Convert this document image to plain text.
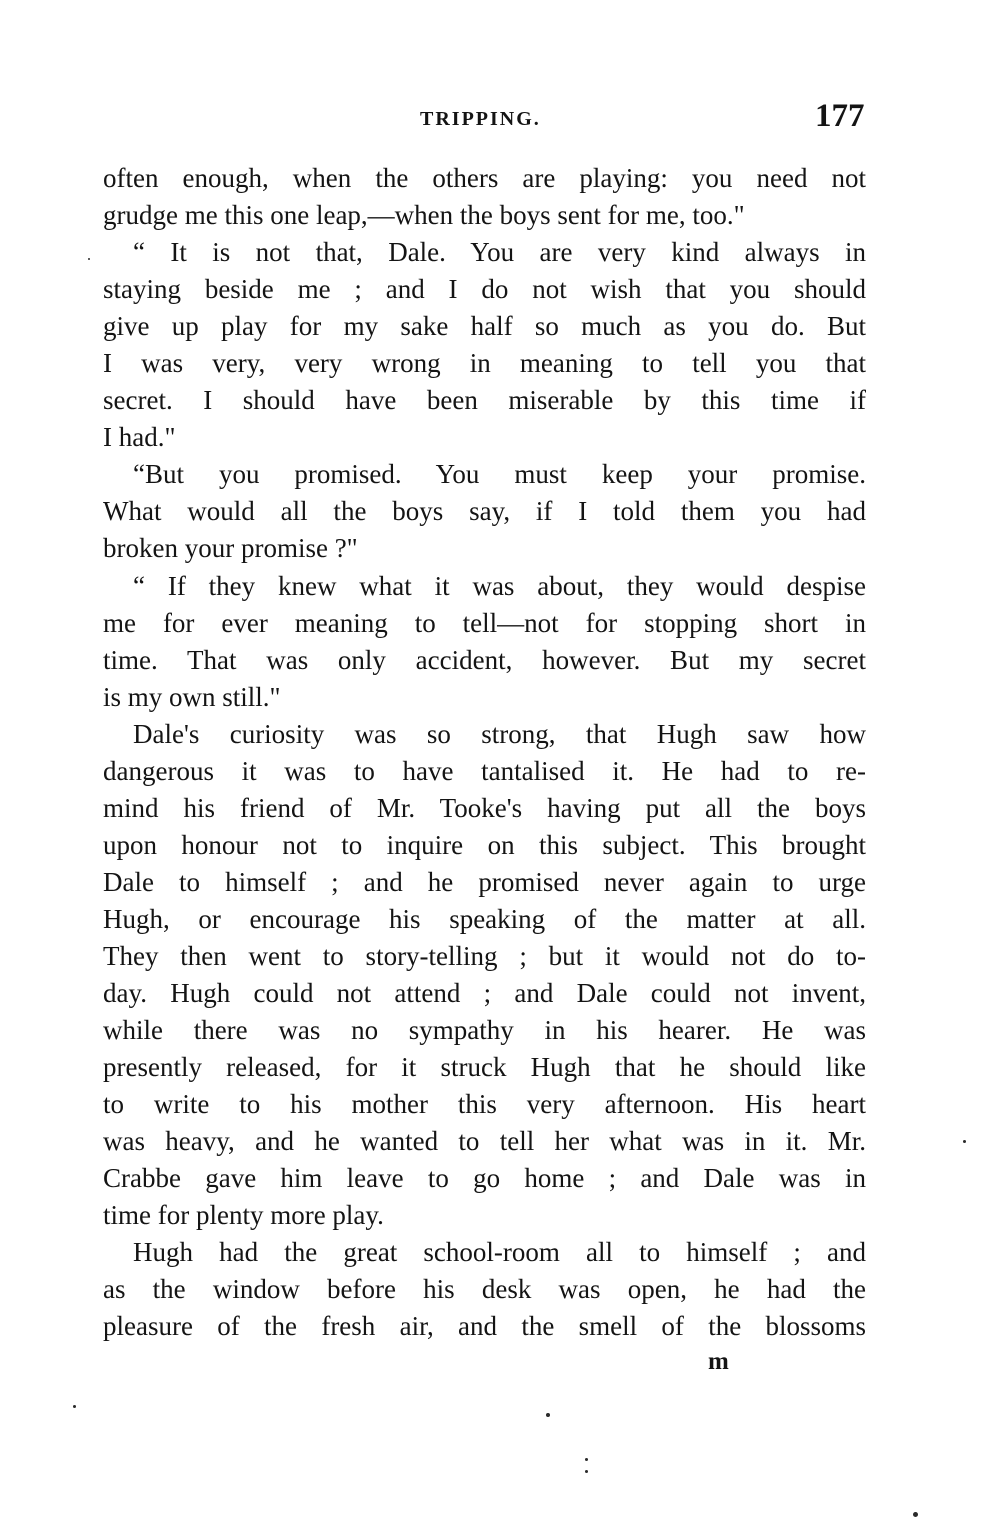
TRIPPING.	177
often enough, when the others are playing: you need not
grudge me this one leap,—when the boys sent for me, too."
“ It is not that, Dale. You are very kind always in
staying beside me ; and I do not wish that you should
give up play for my sake half so much as you do. But
I was very, very wrong in meaning to tell you that
secret. I should have been miserable by this time if
I had."
“But you promised. You must keep your promise.
What would all the boys say, if I told them you had
broken your promise ?"
“ If they knew what it was about, they would despise
me for ever meaning to tell—not for stopping short in
time. That was only accident, however. But my secret
is my own still."
Dale's curiosity was so strong, that Hugh saw how
dangerous it was to have tantalised it. He had to re-
mind his friend of Mr. Tooke's having put all the boys
upon honour not to inquire on this subject. This brought
Dale to himself ; and he promised never again to urge
Hugh, or encourage his speaking of the matter at all.
They then went to story-telling ; but it would not do to-
day. Hugh could not attend ; and Dale could not invent,
while there was no sympathy in his hearer. He was
presently released, for it struck Hugh that he should like
to write to his mother this very afternoon. His heart
was heavy, and he wanted to tell her what was in it. Mr.
Crabbe gave him leave to go home ; and Dale was in
time for plenty more play.
Hugh had the great school-room all to himself ; and
as the window before his desk was open, he had the
pleasure of the fresh air, and the smell of the blossoms
m
